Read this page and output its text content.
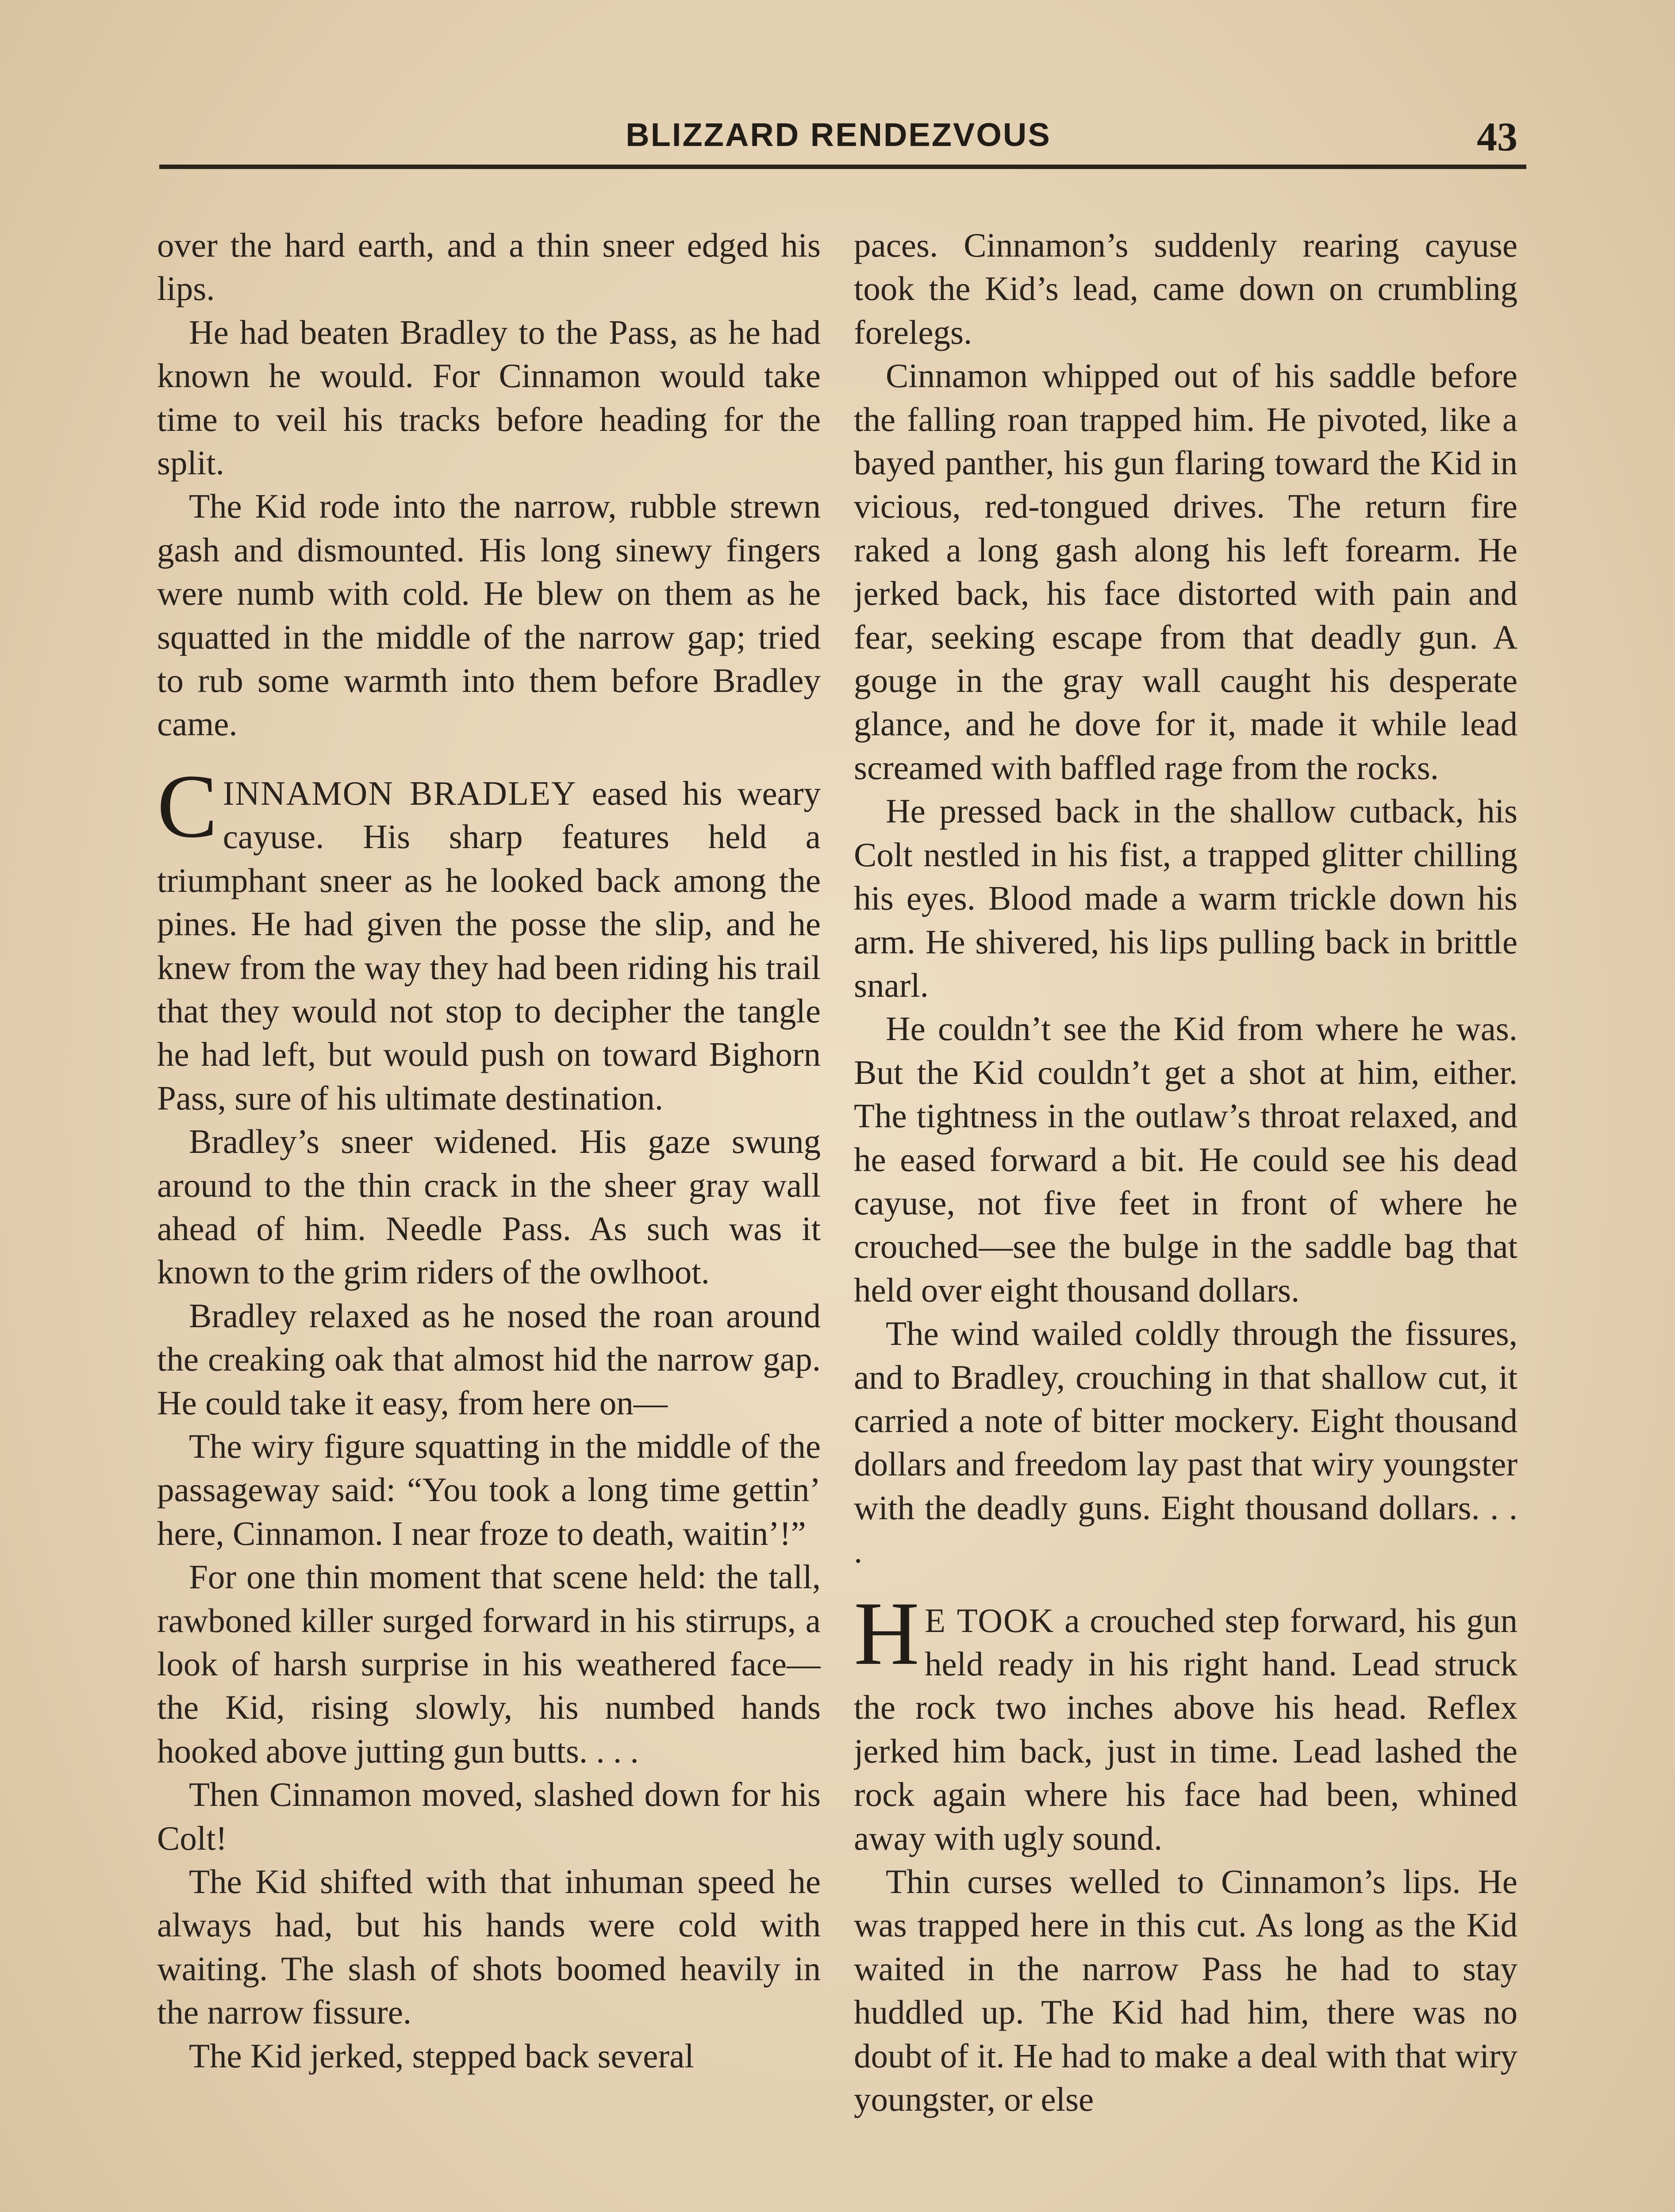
BLIZZARD RENDEZVOUS	43

over the hard earth, and a thin sneer edged his lips.

He had beaten Bradley to the Pass, as he had known he would. For Cinnamon would take time to veil his tracks before heading for the split.

The Kid rode into the narrow, rubble strewn gash and dismounted. His long sinewy fingers were numb with cold. He blew on them as he squatted in the middle of the narrow gap; tried to rub some warmth into them before Bradley came.

CINNAMON BRADLEY eased his weary cayuse. His sharp features held a triumphant sneer as he looked back among the pines. He had given the posse the slip, and he knew from the way they had been riding his trail that they would not stop to decipher the tangle he had left, but would push on toward Bighorn Pass, sure of his ultimate destination.

Bradley’s sneer widened. His gaze swung around to the thin crack in the sheer gray wall ahead of him. Needle Pass. As such was it known to the grim riders of the owlhoot.

Bradley relaxed as he nosed the roan around the creaking oak that almost hid the narrow gap. He could take it easy, from here on—

The wiry figure squatting in the middle of the passageway said: “You took a long time gettin’ here, Cinnamon. I near froze to death, waitin’!”

For one thin moment that scene held: the tall, rawboned killer surged forward in his stirrups, a look of harsh surprise in his weathered face—the Kid, rising slowly, his numbed hands hooked above jutting gun butts. . . .

Then Cinnamon moved, slashed down for his Colt!

The Kid shifted with that inhuman speed he always had, but his hands were cold with waiting. The slash of shots boomed heavily in the narrow fissure.

The Kid jerked, stepped back several

paces. Cinnamon’s suddenly rearing cayuse took the Kid’s lead, came down on crumbling forelegs.

Cinnamon whipped out of his saddle before the falling roan trapped him. He pivoted, like a bayed panther, his gun flaring toward the Kid in vicious, red-tongued drives. The return fire raked a long gash along his left forearm. He jerked back, his face distorted with pain and fear, seeking escape from that deadly gun. A gouge in the gray wall caught his desperate glance, and he dove for it, made it while lead screamed with baffled rage from the rocks.

He pressed back in the shallow cutback, his Colt nestled in his fist, a trapped glitter chilling his eyes. Blood made a warm trickle down his arm. He shivered, his lips pulling back in brittle snarl.

He couldn’t see the Kid from where he was. But the Kid couldn’t get a shot at him, either. The tightness in the outlaw’s throat relaxed, and he eased forward a bit. He could see his dead cayuse, not five feet in front of where he crouched—see the bulge in the saddle bag that held over eight thousand dollars.

The wind wailed coldly through the fissures, and to Bradley, crouching in that shallow cut, it carried a note of bitter mockery. Eight thousand dollars and freedom lay past that wiry youngster with the deadly guns. Eight thousand dollars. . . .

H E TOOK a crouched step forward, his gun held ready in his right hand. Lead struck the rock two inches above his head. Reflex jerked him back, just in time. Lead lashed the rock again where his face had been, whined away with ugly sound.

Thin curses welled to Cinnamon’s lips. He was trapped here in this cut. As long as the Kid waited in the narrow Pass he had to stay huddled up. The Kid had him, there was no doubt of it. He had to make a deal with that wiry youngster, or else
